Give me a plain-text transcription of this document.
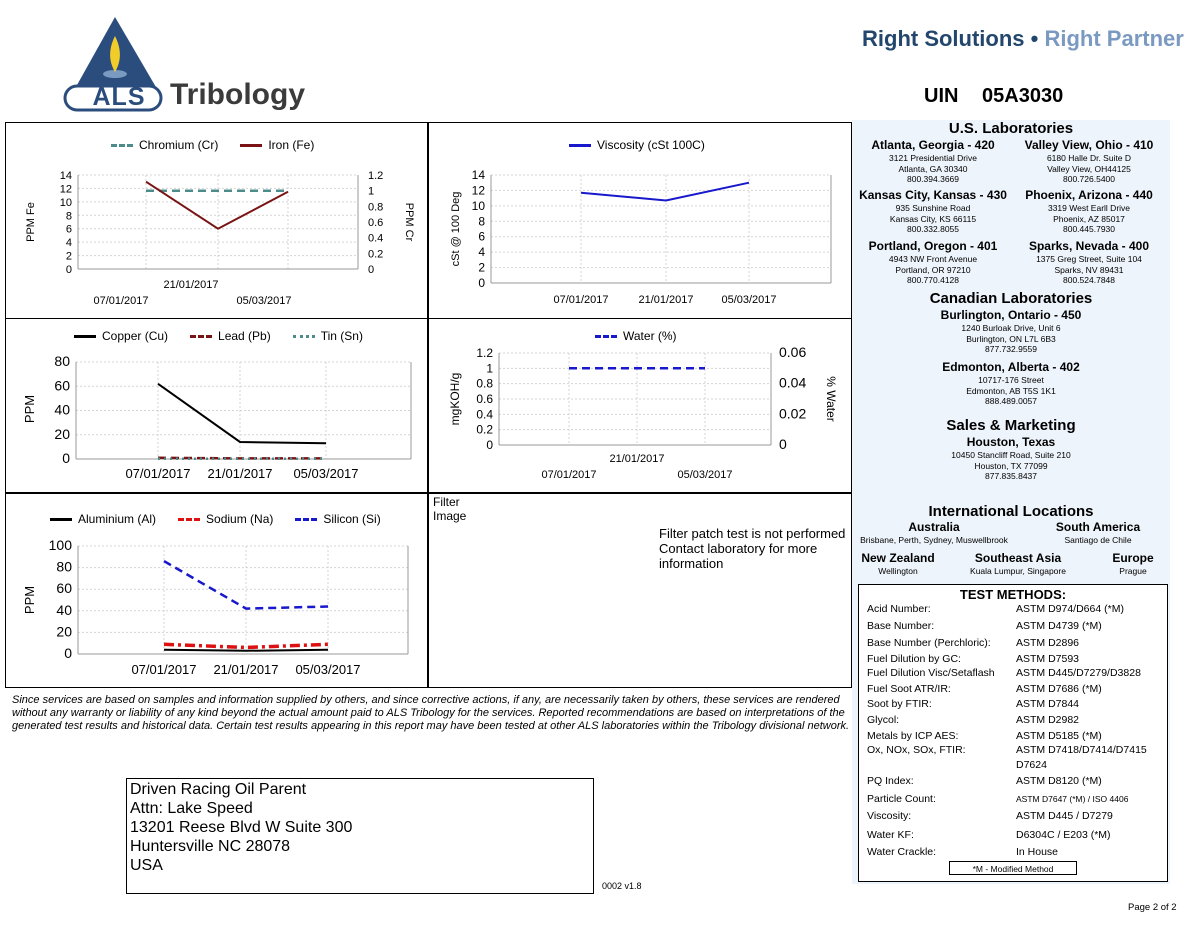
ALS Tribology
Right Solutions • Right Partner
UIN 05A3030
Chromium (Cr)	Iron (Fe)
14
12
10
8
6
4
2
0
PPM Fe
1.2
1
0.8
0.6
0.4
0.2
0
PPM Cr
21/01/2017
07/01/2017	05/03/2017
Viscosity (cSt 100C)
14
12
10
8
6
4
2
0
cSt @ 100 Deg
07/01/2017	21/01/2017	05/03/2017
Copper (Cu)	Lead (Pb)	Tin (Sn)
80
60
40
20
0
PPM
07/01/2017 21/01/2017 05/03/2017
Water (%)
1.2
1
0.8
0.6
0.4
0.2
0
mgKOH/g
0.06
0.04
0.02
0
% Water
21/01/2017
07/01/2017	05/03/2017
Aluminium (Al)	Sodium (Na)	Silicon (Si)
100
80
60
40
20
0
PPM
07/01/2017 21/01/2017 05/03/2017
Filter
Image
Filter patch test is not performed Contact laboratory for more information
U.S. Laboratories
Atlanta, Georgia - 420
3121 Presidential Drive
Atlanta, GA 30340
800.394.3669
Valley View, Ohio - 410
6180 Halle Dr. Suite D
Valley View, OH44125
800.726.5400
Kansas City, Kansas - 430
935 Sunshine Road
Kansas City, KS 66115
800.332.8055
Phoenix, Arizona - 440
3319 West Earll Drive
Phoenix, AZ 85017
800.445.7930
Portland, Oregon - 401
4943 NW Front Avenue
Portland, OR 97210
800.770.4128
Sparks, Nevada - 400
1375 Greg Street, Suite 104
Sparks, NV 89431
800.524.7848
Canadian Laboratories
Burlington, Ontario - 450
1240 Burloak Drive, Unit 6
Burlington, ON L7L 6B3
877.732.9559
Edmonton, Alberta - 402
10717-176 Street
Edmonton, AB T5S 1K1
888.489.0057
Sales & Marketing
Houston, Texas
10450 Stancliff Road, Suite 210
Houston, TX 77099
877.835.8437
International Locations
Australia
Brisbane, Perth, Sydney, Muswellbrook
South America
Santiago de Chile
New Zealand
Wellington
Southeast Asia
Kuala Lumpur, Singapore
Europe
Prague
TEST METHODS:
Acid Number:	ASTM D974/D664 (*M)
Base Number:	ASTM D4739 (*M)
Base Number (Perchloric): ASTM D2896
Fuel Dilution by GC:	ASTM D7593
Fuel Dilution Visc/Setaflash ASTM D445/D7279/D3828
Fuel Soot ATR/IR:	ASTM D7686 (*M)
Soot by FTIR:	ASTM D7844
Glycol:	ASTM D2982
Metals by ICP AES:	ASTM D5185 (*M)
Ox, NOx, SOx, FTIR:	ASTM D7418/D7414/D7415 D7624
PQ Index:	ASTM D8120 (*M)
Particle Count:	ASTM D7647 (*M) / ISO 4406
Viscosity:	ASTM D445 / D7279
Water KF:	D6304C / E203 (*M)
Water Crackle:	In House
*M - Modified Method
Since services are based on samples and information supplied by others, and since corrective actions, if any, are necessarily taken by others, these services are rendered without any warranty or liability of any kind beyond the actual amount paid to ALS Tribology for the services. Reported recommendations are based on interpretations of the generated test results and historical data. Certain test results appearing in this report may have been tested at other ALS laboratories within the Tribology divisional network.
Driven Racing Oil Parent
Attn: Lake Speed
13201 Reese Blvd W Suite 300
Huntersville NC 28078
USA
0002 v1.8
Page 2 of 2
